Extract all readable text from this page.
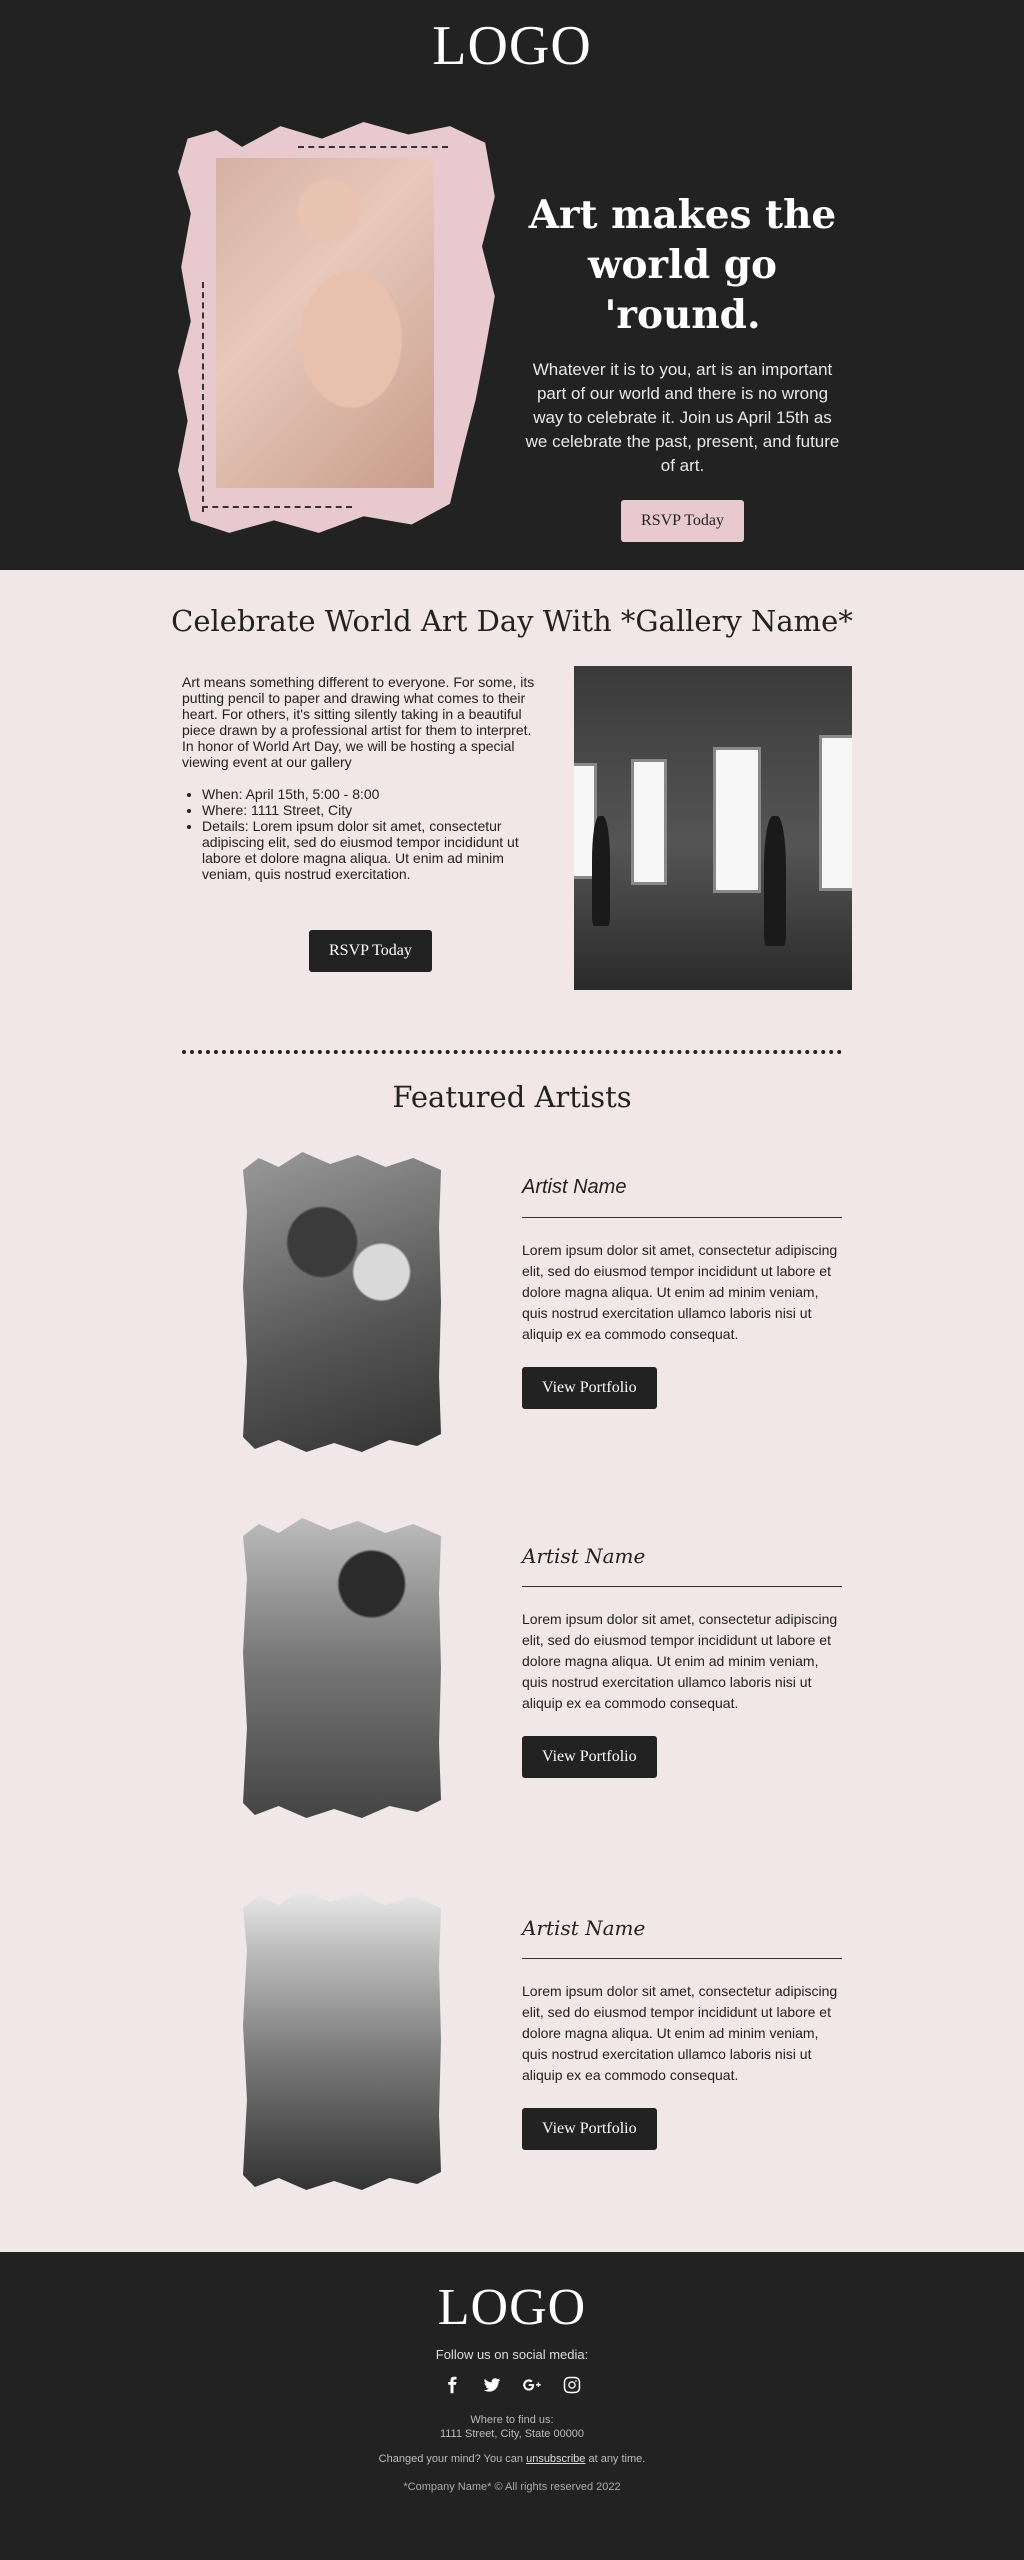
LOGO
Art makes the world go 'round.

Whatever it is to you, art is an important part of our world and there is no wrong way to celebrate it. Join us April 15th as we celebrate the past, present, and future of art.

RSVP Today
Celebrate World Art Day With *Gallery Name*

Art means something different to everyone. For some, its putting pencil to paper and drawing what comes to their heart. For others, it's sitting silently taking in a beautiful piece drawn by a professional artist for them to interpret. In honor of World Art Day, we will be hosting a special viewing event at our gallery

• When: April 15th, 5:00 - 8:00
• Where: 1111 Street, City
• Details: Lorem ipsum dolor sit amet, consectetur adipiscing elit, sed do eiusmod tempor incididunt ut labore et dolore magna aliqua. Ut enim ad minim veniam, quis nostrud exercitation.
RSVP Today
Featured Artists
Artist Name

Lorem ipsum dolor sit amet, consectetur adipiscing elit, sed do eiusmod tempor incididunt ut labore et dolore magna aliqua. Ut enim ad minim veniam, quis nostrud exercitation ullamco laboris nisi ut aliquip ex ea commodo consequat.

View Portfolio
Artist Name

Lorem ipsum dolor sit amet, consectetur adipiscing elit, sed do eiusmod tempor incididunt ut labore et dolore magna aliqua. Ut enim ad minim veniam, quis nostrud exercitation ullamco laboris nisi ut aliquip ex ea commodo consequat.

View Portfolio
Artist Name

Lorem ipsum dolor sit amet, consectetur adipiscing elit, sed do eiusmod tempor incididunt ut labore et dolore magna aliqua. Ut enim ad minim veniam, quis nostrud exercitation ullamco laboris nisi ut aliquip ex ea commodo consequat.

View Portfolio
LOGO
Follow us on social media:
Where to find us:
1111 Street, City, State 00000
Changed your mind? You can unsubscribe at any time.
*Company Name* © All rights reserved 2022
